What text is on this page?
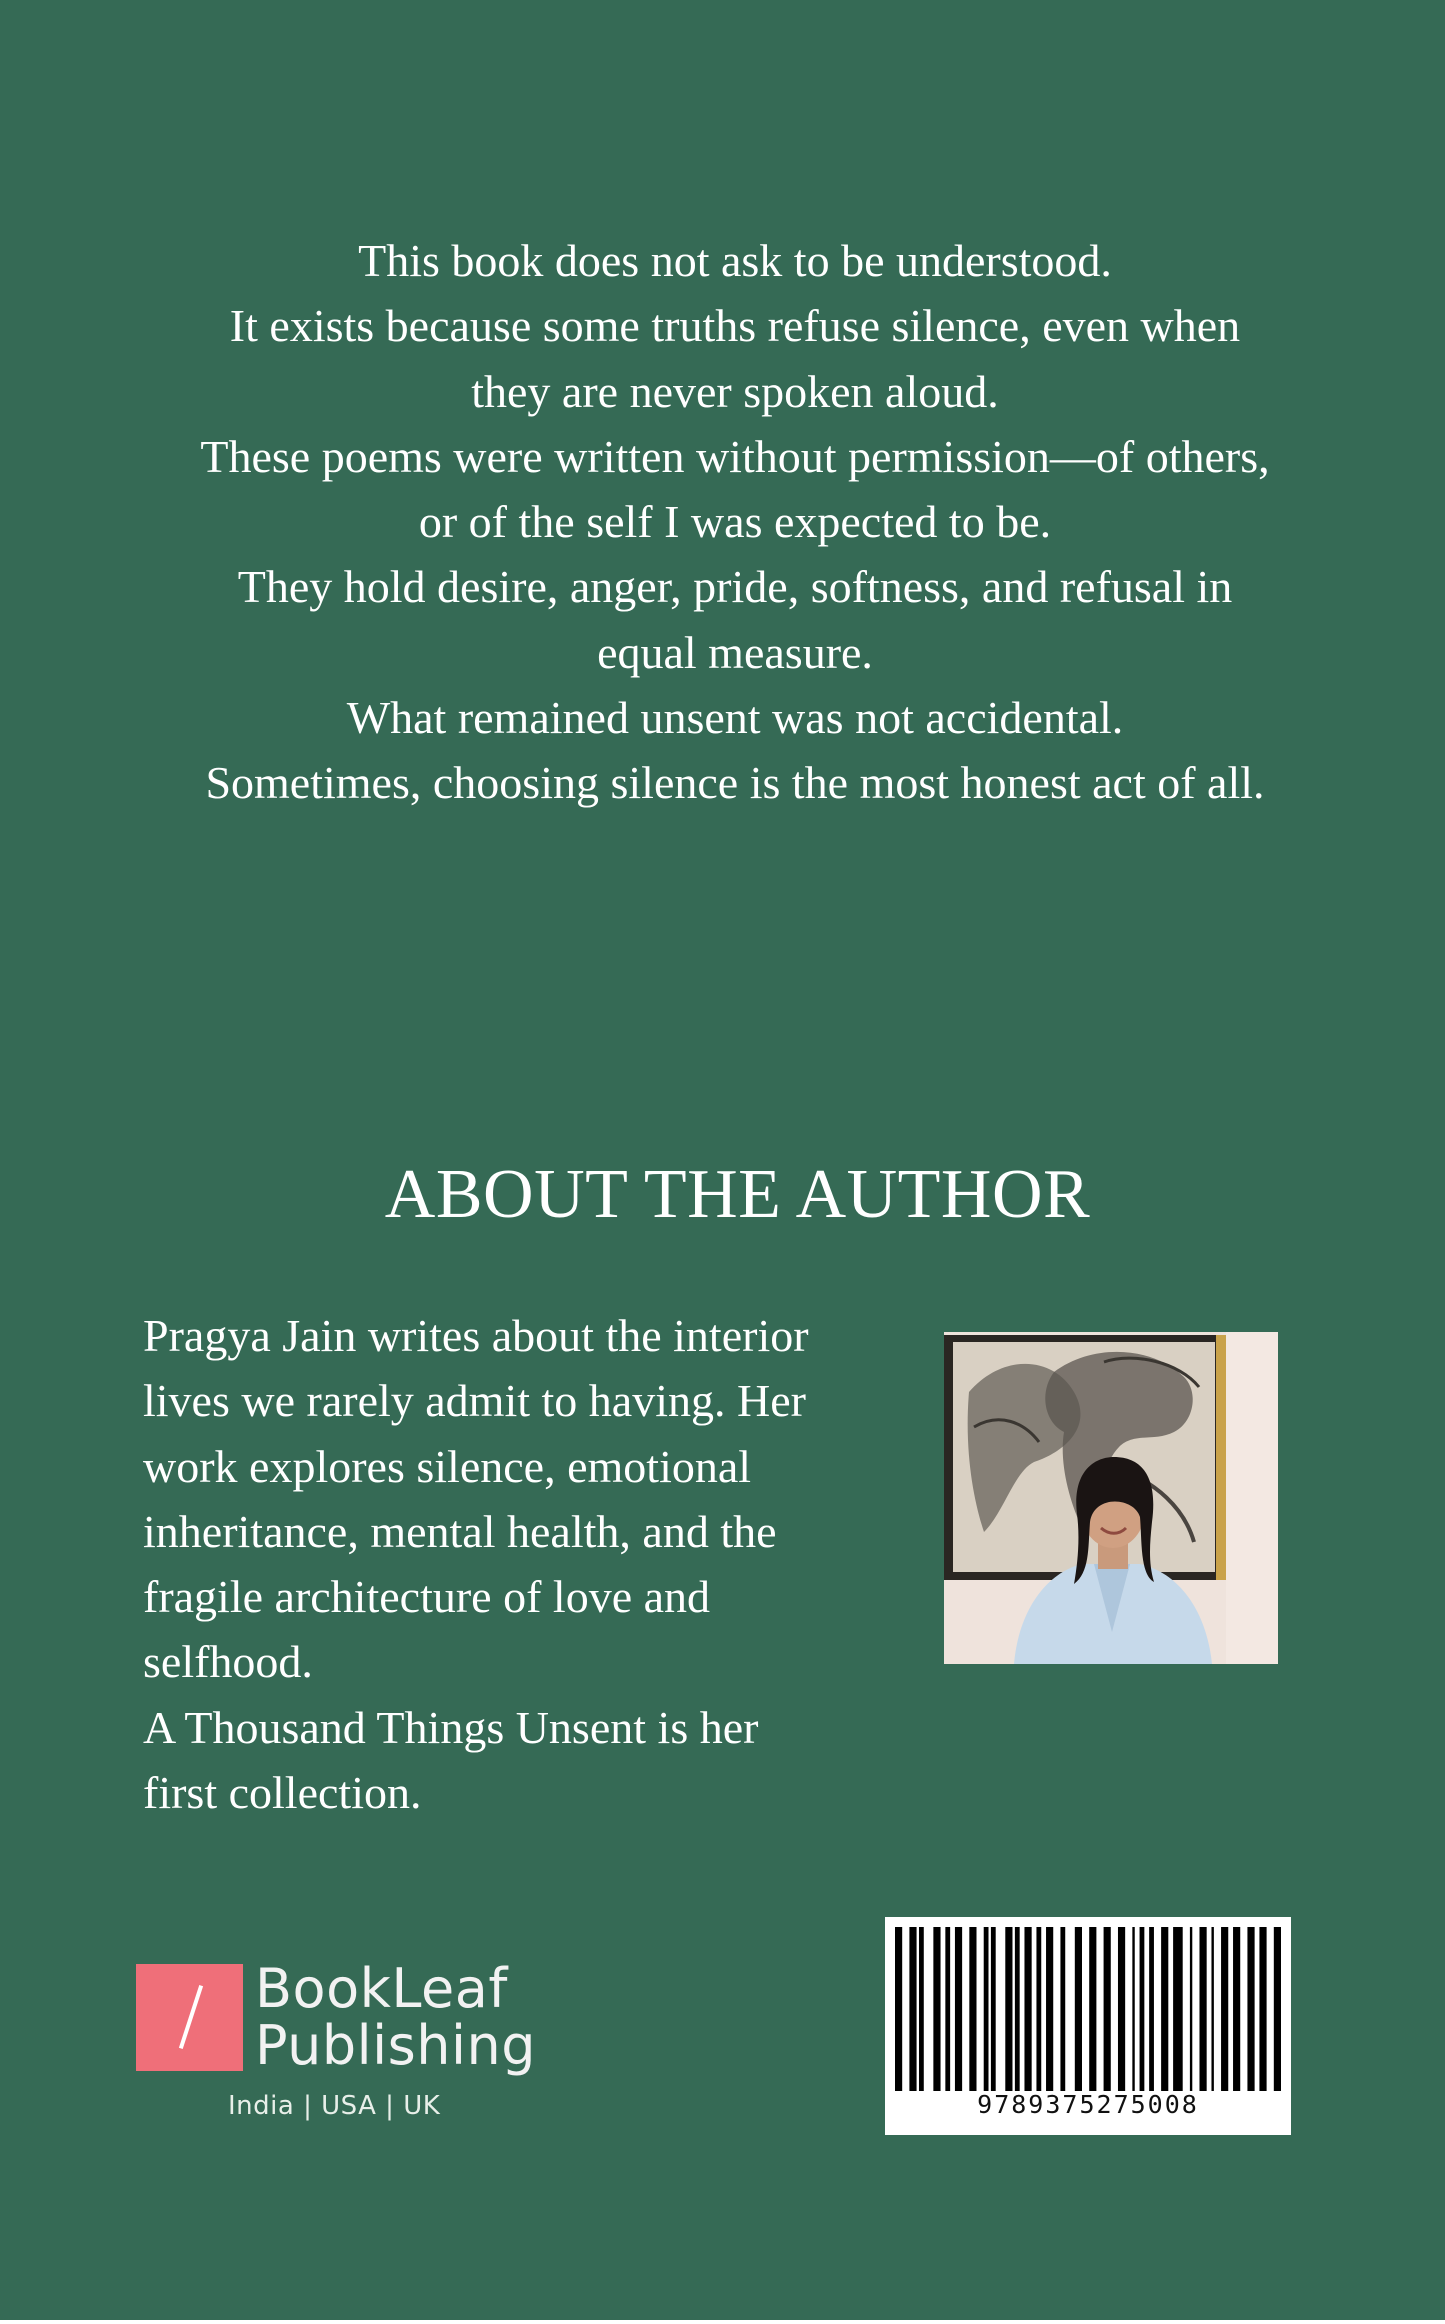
This book does not ask to be understood.
It exists because some truths refuse silence, even when
they are never spoken aloud.
These poems were written without permission—of others,
or of the self I was expected to be.
They hold desire, anger, pride, softness, and refusal in
equal measure.
What remained unsent was not accidental.
Sometimes, choosing silence is the most honest act of all.
ABOUT THE AUTHOR
Pragya Jain writes about the interior
lives we rarely admit to having. Her
work explores silence, emotional
inheritance, mental health, and the
fragile architecture of love and
selfhood.
A Thousand Things Unsent is her
first collection.
BookLeaf
Publishing
India | USA | UK	9789375275008
